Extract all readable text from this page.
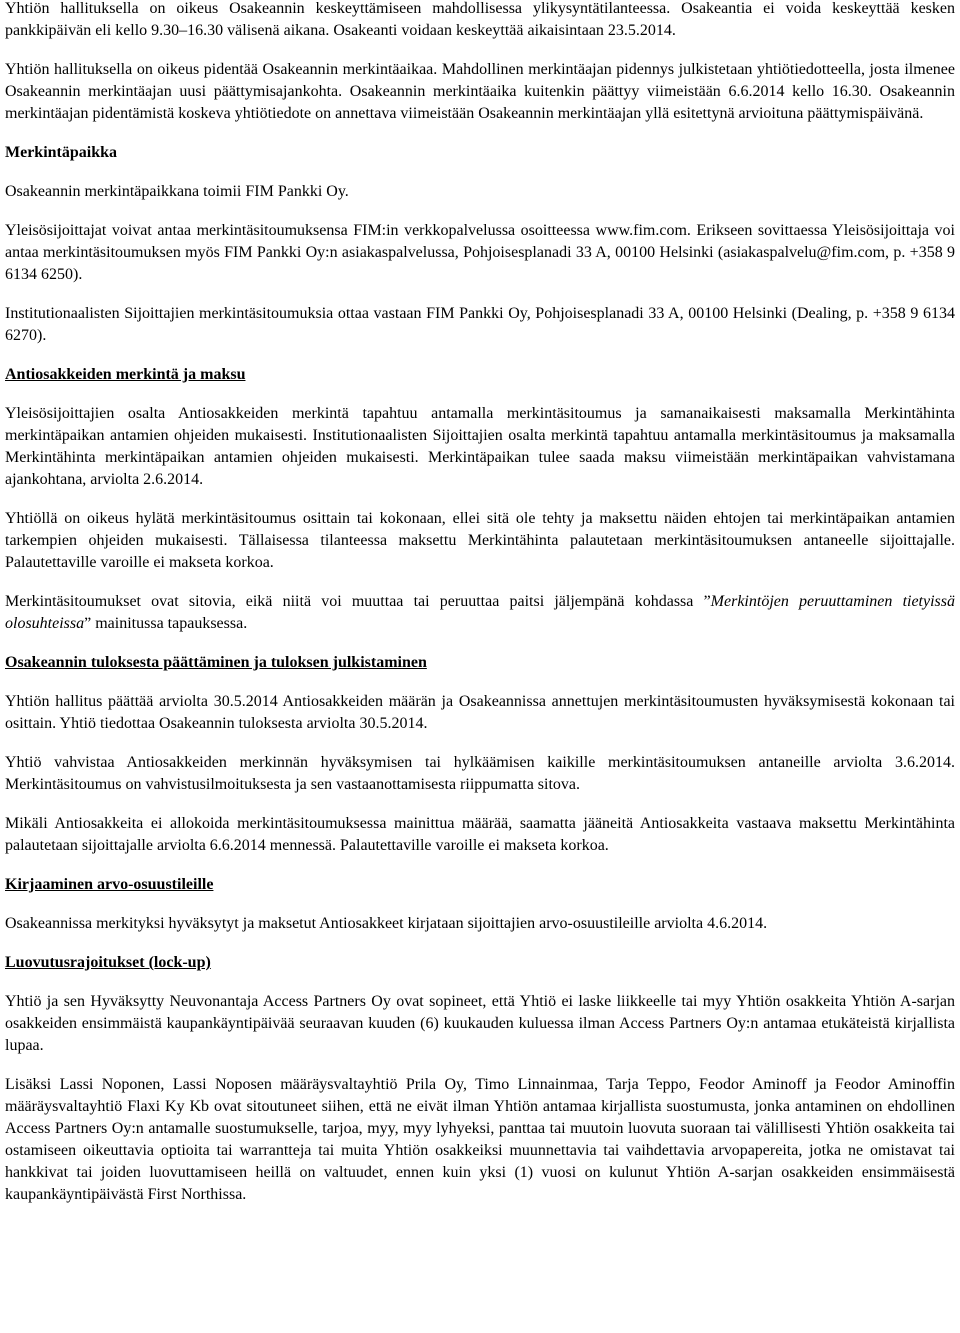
Yhtiön hallituksella on oikeus Osakeannin keskeyttämiseen mahdollisessa ylikysyntätilanteessa. Osakeantia ei voida keskeyttää kesken pankkipäivän eli kello 9.30–16.30 välisenä aikana. Osakeanti voidaan keskeyttää aikaisintaan 23.5.2014.

Yhtiön hallituksella on oikeus pidentää Osakeannin merkintäaikaa. Mahdollinen merkintäajan pidennys julkistetaan yhtiötiedotteella, josta ilmenee Osakeannin merkintäajan uusi päättymisajankohta. Osakeannin merkintäaika kuitenkin päättyy viimeistään 6.6.2014 kello 16.30. Osakeannin merkintäajan pidentämistä koskeva yhtiötiedote on annettava viimeistään Osakeannin merkintäajan yllä esitettynä arvioituna päättymispäivänä.

Merkintäpaikka

Osakeannin merkintäpaikkana toimii FIM Pankki Oy.

Yleisösijoittajat voivat antaa merkintäsitoumuksensa FIM:in verkkopalvelussa osoitteessa www.fim.com. Erikseen sovittaessa Yleisösijoittaja voi antaa merkintäsitoumuksen myös FIM Pankki Oy:n asiakaspalvelussa, Pohjoisesplanadi 33 A, 00100 Helsinki (asiakaspalvelu@fim.com, p. +358 9 6134 6250).

Institutionaalisten Sijoittajien merkintäsitoumuksia ottaa vastaan FIM Pankki Oy, Pohjoisesplanadi 33 A, 00100 Helsinki (Dealing, p. +358 9 6134 6270).

Antiosakkeiden merkintä ja maksu

Yleisösijoittajien osalta Antiosakkeiden merkintä tapahtuu antamalla merkintäsitoumus ja samanaikaisesti maksamalla Merkintähinta merkintäpaikan antamien ohjeiden mukaisesti. Institutionaalisten Sijoittajien osalta merkintä tapahtuu antamalla merkintäsitoumus ja maksamalla Merkintähinta merkintäpaikan antamien ohjeiden mukaisesti. Merkintäpaikan tulee saada maksu viimeistään merkintäpaikan vahvistamana ajankohtana, arviolta 2.6.2014.

Yhtiöllä on oikeus hylätä merkintäsitoumus osittain tai kokonaan, ellei sitä ole tehty ja maksettu näiden ehtojen tai merkintäpaikan antamien tarkempien ohjeiden mukaisesti. Tällaisessa tilanteessa maksettu Merkintähinta palautetaan merkintäsitoumuksen antaneelle sijoittajalle. Palautettaville varoille ei makseta korkoa.

Merkintäsitoumukset ovat sitovia, eikä niitä voi muuttaa tai peruuttaa paitsi jäljempänä kohdassa ”Merkintöjen peruuttaminen tietyissä olosuhteissa” mainitussa tapauksessa.

Osakeannin tuloksesta päättäminen ja tuloksen julkistaminen

Yhtiön hallitus päättää arviolta 30.5.2014 Antiosakkeiden määrän ja Osakeannissa annettujen merkintäsitoumusten hyväksymisestä kokonaan tai osittain. Yhtiö tiedottaa Osakeannin tuloksesta arviolta 30.5.2014.

Yhtiö vahvistaa Antiosakkeiden merkinnän hyväksymisen tai hylkäämisen kaikille merkintäsitoumuksen antaneille arviolta 3.6.2014. Merkintäsitoumus on vahvistusilmoituksesta ja sen vastaanottamisesta riippumatta sitova.

Mikäli Antiosakkeita ei allokoida merkintäsitoumuksessa mainittua määrää, saamatta jääneitä Antiosakkeita vastaava maksettu Merkintähinta palautetaan sijoittajalle arviolta 6.6.2014 mennessä. Palautettaville varoille ei makseta korkoa.

Kirjaaminen arvo-osuustileille

Osakeannissa merkityksi hyväksytyt ja maksetut Antiosakkeet kirjataan sijoittajien arvo-osuustileille arviolta 4.6.2014.

Luovutusrajoitukset (lock-up)

Yhtiö ja sen Hyväksytty Neuvonantaja Access Partners Oy ovat sopineet, että Yhtiö ei laske liikkeelle tai myy Yhtiön osakkeita Yhtiön A-sarjan osakkeiden ensimmäistä kaupankäyntipäivää seuraavan kuuden (6) kuukauden kuluessa ilman Access Partners Oy:n antamaa etukäteistä kirjallista lupaa.

Lisäksi Lassi Noponen, Lassi Noposen määräysvaltayhtiö Prila Oy, Timo Linnainmaa, Tarja Teppo, Feodor Aminoff ja Feodor Aminoffin määräysvaltayhtiö Flaxi Ky Kb ovat sitoutuneet siihen, että ne eivät ilman Yhtiön antamaa kirjallista suostumusta, jonka antaminen on ehdollinen Access Partners Oy:n antamalle suostumukselle, tarjoa, myy, myy lyhyeksi, panttaa tai muutoin luovuta suoraan tai välillisesti Yhtiön osakkeita tai ostamiseen oikeuttavia optioita tai warrantteja tai muita Yhtiön osakkeiksi muunnettavia tai vaihdettavia arvopapereita, jotka ne omistavat tai hankkivat tai joiden luovuttamiseen heillä on valtuudet, ennen kuin yksi (1) vuosi on kulunut Yhtiön A-sarjan osakkeiden ensimmäisestä kaupankäyntipäivästä First Northissa.
